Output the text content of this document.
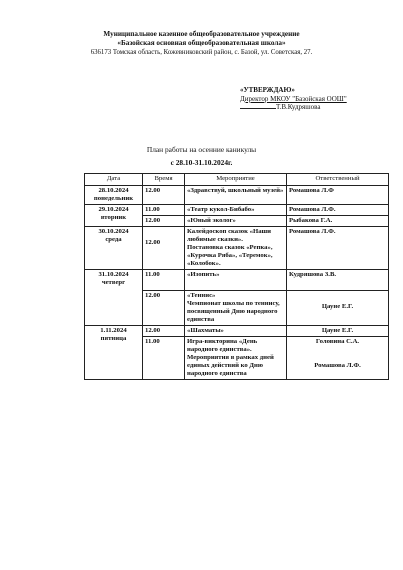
Муниципальное казенное общеобразовательное учреждение
«Базойская основная общеобразовательная школа»
636173 Томская область, Кожевниковский район, с. Базой, ул. Советская, 27.
«УТВЕРЖДАЮ»
Директор МКОУ "Базойская ООШ"
Т.В.Кудряшова
План работы на осенние каникулы
с 28.10-31.10.2024г.
Дата	Время	Мероприятие	Ответственный

28.10.2024
понедельник	12.00	«Здравствуй, школьный музей»	Ромашова Л.Ф

29.10.2024
вторник	11.00	«Театр кукол-Бибабо»	Ромашова Л.Ф.

	12.00	«Юный эколог»	Рыбакова Г.А.

30.10.2024
среда	12.00	Калейдоскоп сказок «Наши
любимые сказки».
Постановка сказок «Репка»,
«Курочка Ряба», «Теремок»,
«Колобок».	Ромашова Л.Ф.

31.10.2024
четверг	11.00	«Изопить»	Кудряшова З.В.

	12.00	«Теннис»
Чемпионат школы по теннису,
посвященный Дню народного
единства	Цауне Е.Г.

1.11.2024
пятница	12.00	«Шахматы»	Цауне Е.Г.

	11.00	Игра-викторина «День
народного единства».
Мероприятия в рамках дней
единых действий ко Дню
народного единства	Головина С.А.
Ромашова Л.Ф.
